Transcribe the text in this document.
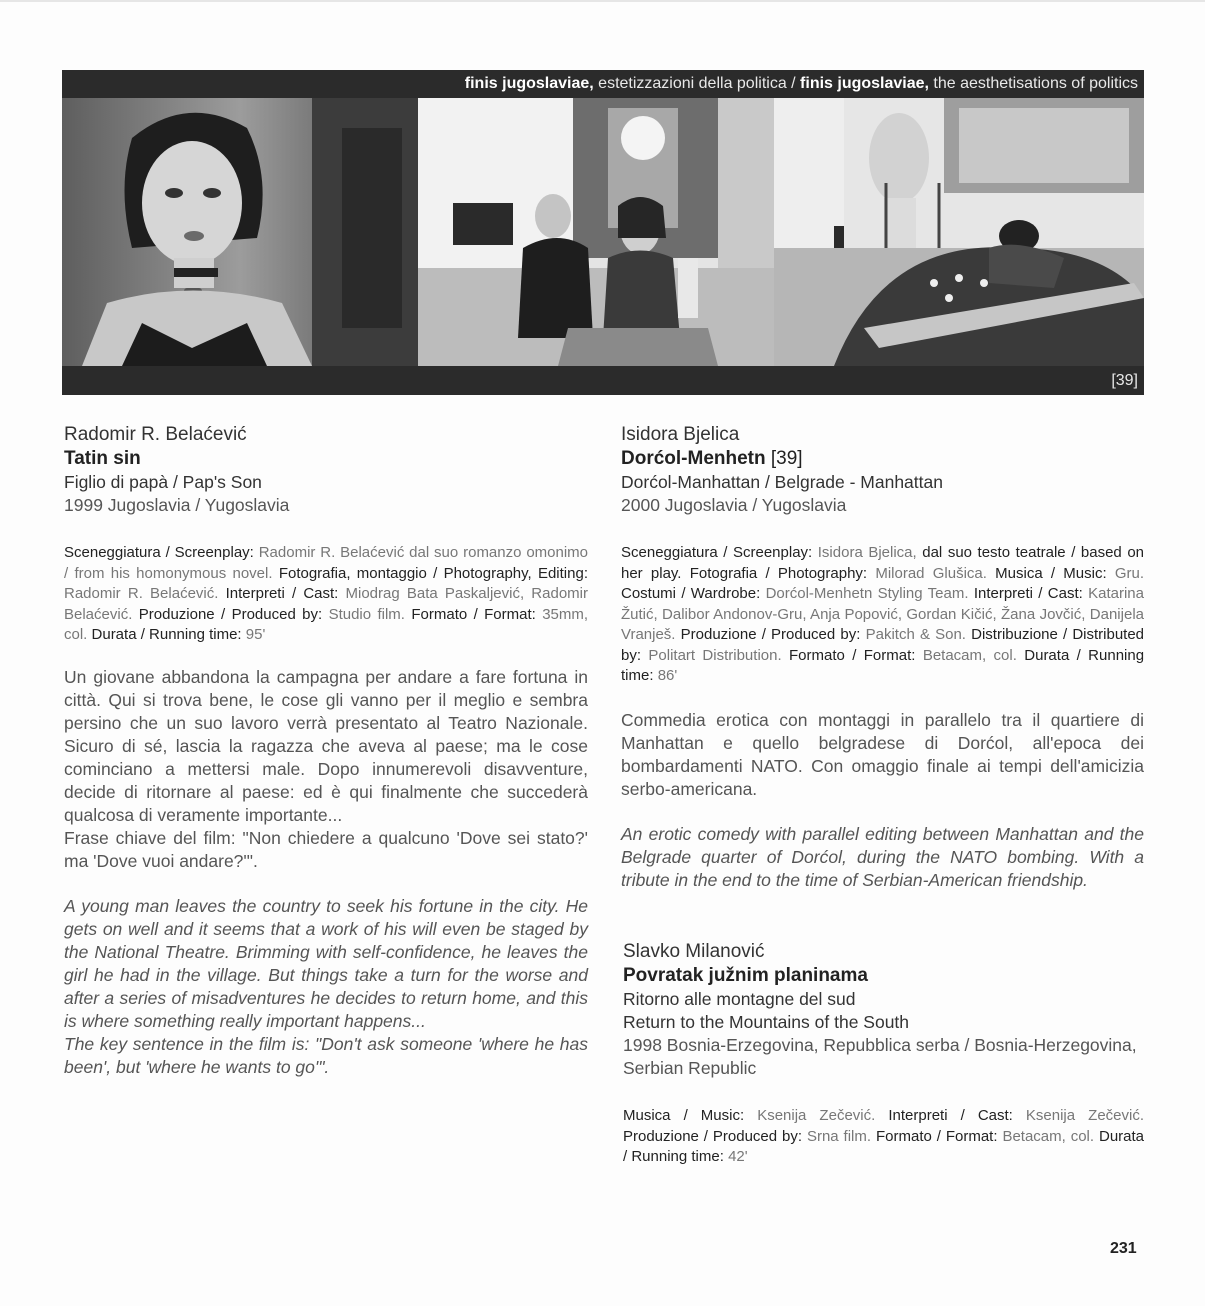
finis jugoslaviae, estetizzazioni della politica / finis jugoslaviae, the aesthetisations of politics
[39]

Radomir R. Belaćević

Tatin sin

Figlio di papà / Pap's Son

1999 Jugoslavia / Yugoslavia

Sceneggiatura / Screenplay: Radomir R. Belaćević dal suo romanzo omonimo / from his homonymous novel. Fotografia, montaggio / Photography, Editing: Radomir R. Belaćević. Interpreti / Cast: Miodrag Bata Paskaljević, Radomir Belaćević. Produzione / Produced by: Studio film. Formato / Format: 35mm, col. Durata / Running time: 95'

Un giovane abbandona la campagna per andare a fare fortuna in città. Qui si trova bene, le cose gli vanno per il meglio e sembra persino che un suo lavoro verrà presentato al Teatro Nazionale. Sicuro di sé, lascia la ragazza che aveva al paese; ma le cose cominciano a mettersi male. Dopo innumerevoli disavventure, decide di ritornare al paese: ed è qui finalmente che succederà qualcosa di veramente importante...

Frase chiave del film: "Non chiedere a qualcuno 'Dove sei stato?' ma 'Dove vuoi andare?'".

A young man leaves the country to seek his fortune in the city. He gets on well and it seems that a work of his will even be staged by the National Theatre. Brimming with self-confidence, he leaves the girl he had in the village. But things take a turn for the worse and after a series of misadventures he decides to return home, and this is where something really important happens...

The key sentence in the film is: "Don't ask someone 'where he has been', but 'where he wants to go'".

Isidora Bjelica

Dorćol-Menhetn [39]

Dorćol-Manhattan / Belgrade - Manhattan

2000 Jugoslavia / Yugoslavia

Sceneggiatura / Screenplay: Isidora Bjelica, dal suo testo teatrale / based on her play. Fotografia / Photography: Milorad Glušica. Musica / Music: Gru. Costumi / Wardrobe: Dorćol-Menhetn Styling Team. Interpreti / Cast: Katarina Žutić, Dalibor Andonov-Gru, Anja Popović, Gordan Kičić, Žana Jovčić, Danijela Vranješ. Produzione / Produced by: Pakitch & Son. Distribuzione / Distributed by: Politart Distribution. Formato / Format: Betacam, col. Durata / Running time: 86'

Commedia erotica con montaggi in parallelo tra il quartiere di Manhattan e quello belgradese di Dorćol, all'epoca dei bombardamenti NATO. Con omaggio finale ai tempi dell'amicizia serbo-americana.

An erotic comedy with parallel editing between Manhattan and the Belgrade quarter of Dorćol, during the NATO bombing. With a tribute in the end to the time of Serbian-American friendship.

Slavko Milanović

Povratak južnim planinama

Ritorno alle montagne del sud

Return to the Mountains of the South

1998 Bosnia-Erzegovina, Repubblica serba / Bosnia-Herzegovina, Serbian Republic

Musica / Music: Ksenija Zečević. Interpreti / Cast: Ksenija Zečević. Produzione / Produced by: Srna film. Formato / Format: Betacam, col. Durata / Running time: 42'

231
